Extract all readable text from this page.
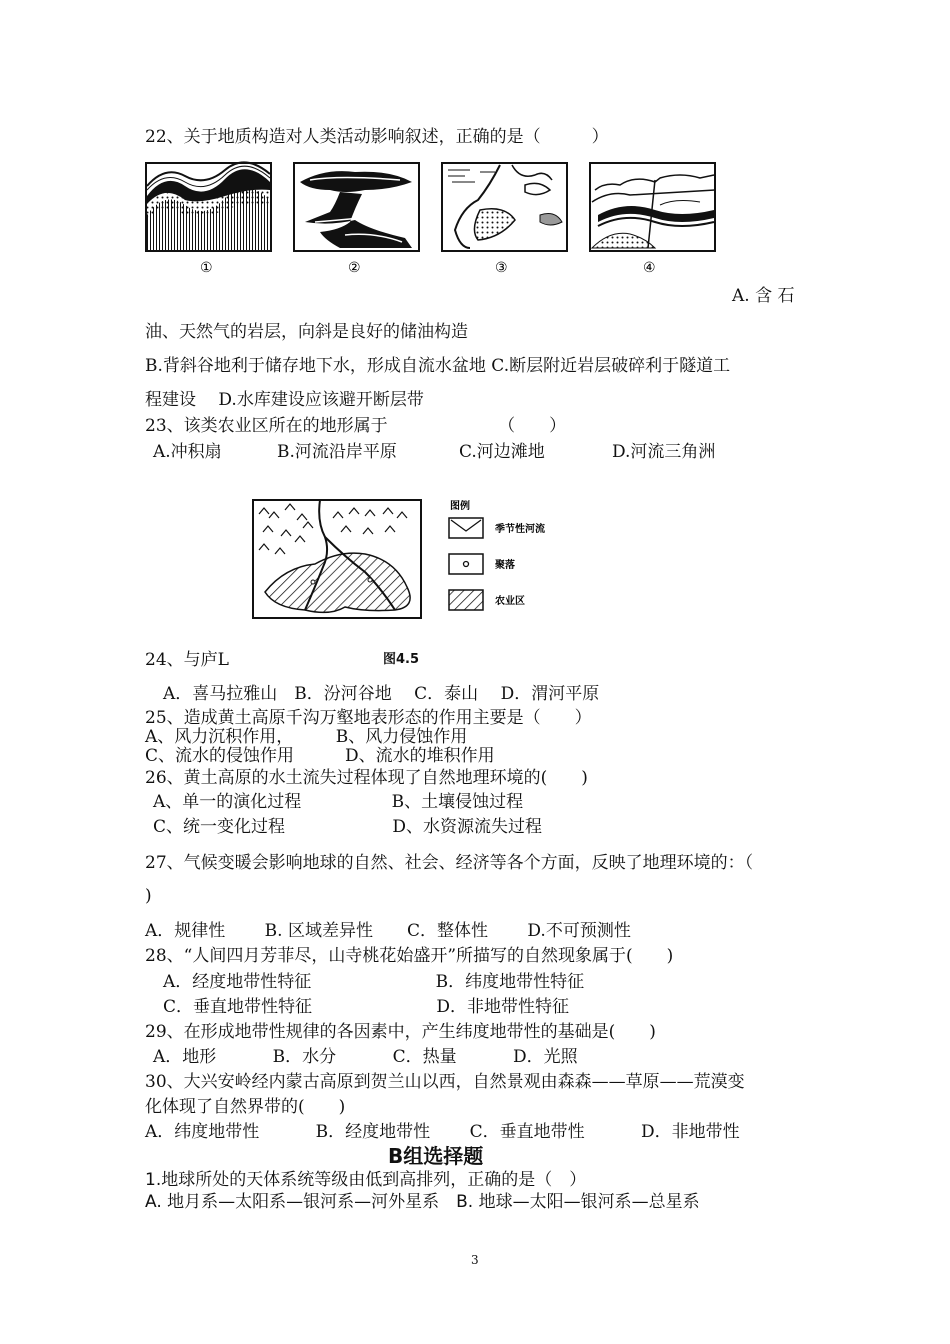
22、关于地质构造对人类活动影响叙述，正确的是（　　　）
①	②	③	④
A. 含 石
油、天然气的岩层，向斜是良好的储油构造
B.背斜谷地利于储存地下水，形成自流水盆地 C.断层附近岩层破碎利于隧道工
程建设　 D.水库建设应该避开断层带
23、该类农业区所在的地形属于　　　　　　　（　　）
A.冲积扇	B.河流沿岸平原	C.河边滩地	D.河流三角洲
图例
季节性河流
聚落
农业区
24、与庐L	图4.5
A．喜马拉雅山　B．汾河谷地　 C．泰山　 D．渭河平原
25、造成黄土高原千沟万壑地表形态的作用主要是（　　）
A、风力沉积作用，　　　B、风力侵蚀作用
C、流水的侵蚀作用　　　D、流水的堆积作用
26、黄土高原的水土流失过程体现了自然地理环境的(　　)
A、单一的演化过程　　　　　 B、土壤侵蚀过程
C、统一变化过程　　　　　　 D、水资源流失过程
27、气候变暖会影响地球的自然、社会、经济等各个方面，反映了地理环境的：（
)
A．规律性　　 B. 区域差异性　　C．整体性　　 D.不可预测性
28、“人间四月芳菲尽，山寺桃花始盛开”所描写的自然现象属于(　　)
A．经度地带性特征　　　　　　　 B．纬度地带性特征
C．垂直地带性特征　　　　　　　 D．非地带性特征
29、在形成地带性规律的各因素中，产生纬度地带性的基础是(　　)
A．地形　　　 B．水分　　　 C．热量　　　 D．光照
30、大兴安岭经内蒙古高原到贺兰山以西，自然景观由森森——草原——荒漠变
化体现了自然界带的(　　)
A．纬度地带性　　　 B．经度地带性　　 C．垂直地带性　　　 D．非地带性
B组选择题
1.地球所处的天体系统等级由低到高排列，正确的是（　）
A. 地月系—太阳系—银河系—河外星系　B. 地球—太阳—银河系—总星系
3
